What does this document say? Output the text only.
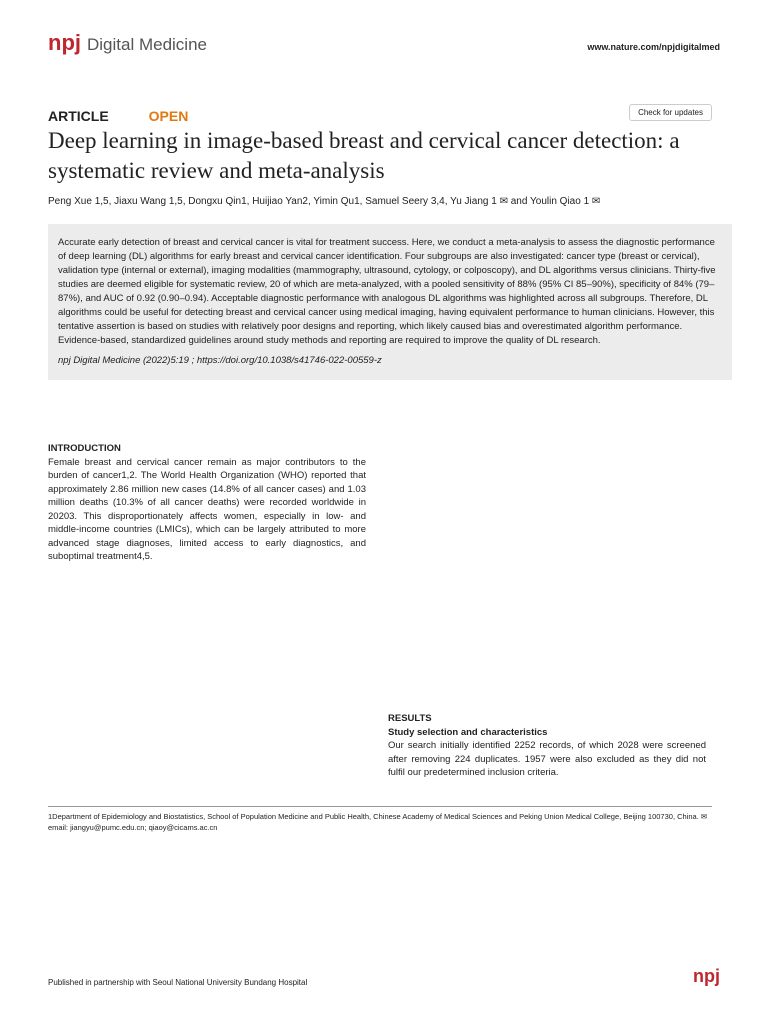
npj Digital Medicine	www.nature.com/npjdigitalmed
ARTICLE	OPEN	Check for updates
Deep learning in image-based breast and cervical cancer detection: a systematic review and meta-analysis
Peng Xue 1,5, Jiaxu Wang 1,5, Dongxu Qin1, Huijiao Yan2, Yimin Qu1, Samuel Seery 3,4, Yu Jiang 1 ✉ and Youlin Qiao 1 ✉
Accurate early detection of breast and cervical cancer is vital for treatment success. Here, we conduct a meta-analysis to assess the diagnostic performance of deep learning (DL) algorithms for early breast and cervical cancer identification. Four subgroups are also investigated: cancer type (breast or cervical), validation type (internal or external), imaging modalities (mammography, ultrasound, cytology, or colposcopy), and DL algorithms versus clinicians. Thirty-five studies are deemed eligible for systematic review, 20 of which are meta-analyzed, with a pooled sensitivity of 88% (95% CI 85–90%), specificity of 84% (79–87%), and AUC of 0.92 (0.90–0.94). Acceptable diagnostic performance with analogous DL algorithms was highlighted across all subgroups. Therefore, DL algorithms could be useful for detecting breast and cervical cancer using medical imaging, having equivalent performance to human clinicians. However, this tentative assertion is based on studies with relatively poor designs and reporting, which likely caused bias and overestimated algorithm performance. Evidence-based, standardized guidelines around study methods and reporting are required to improve the quality of DL research.
npj Digital Medicine (2022)5:19 ; https://doi.org/10.1038/s41746-022-00559-z
INTRODUCTION
Female breast and cervical cancer remain as major contributors to the burden of cancer1,2. The World Health Organization (WHO) reported that approximately 2.86 million new cases (14.8% of all cancer cases) and 1.03 million deaths (10.3% of all cancer deaths) were recorded worldwide in 20203. This disproportionately affects women, especially in low- and middle-income countries (LMICs), which can be largely attributed to more advanced stage diagnoses, limited access to early diagnostics, and suboptimal treatment4,5.
RESULTS
Study selection and characteristics
Our search initially identified 2252 records, of which 2028 were screened after removing 224 duplicates. 1957 were also excluded as they did not fulfil our predetermined inclusion criteria.
1Department of Epidemiology and Biostatistics, School of Population Medicine and Public Health, Chinese Academy of Medical Sciences and Peking Union Medical College, Beijing 100730, China. ✉email: jiangyu@pumc.edu.cn; qiaoy@cicams.ac.cn
Published in partnership with Seoul National University Bundang Hospital	npj
